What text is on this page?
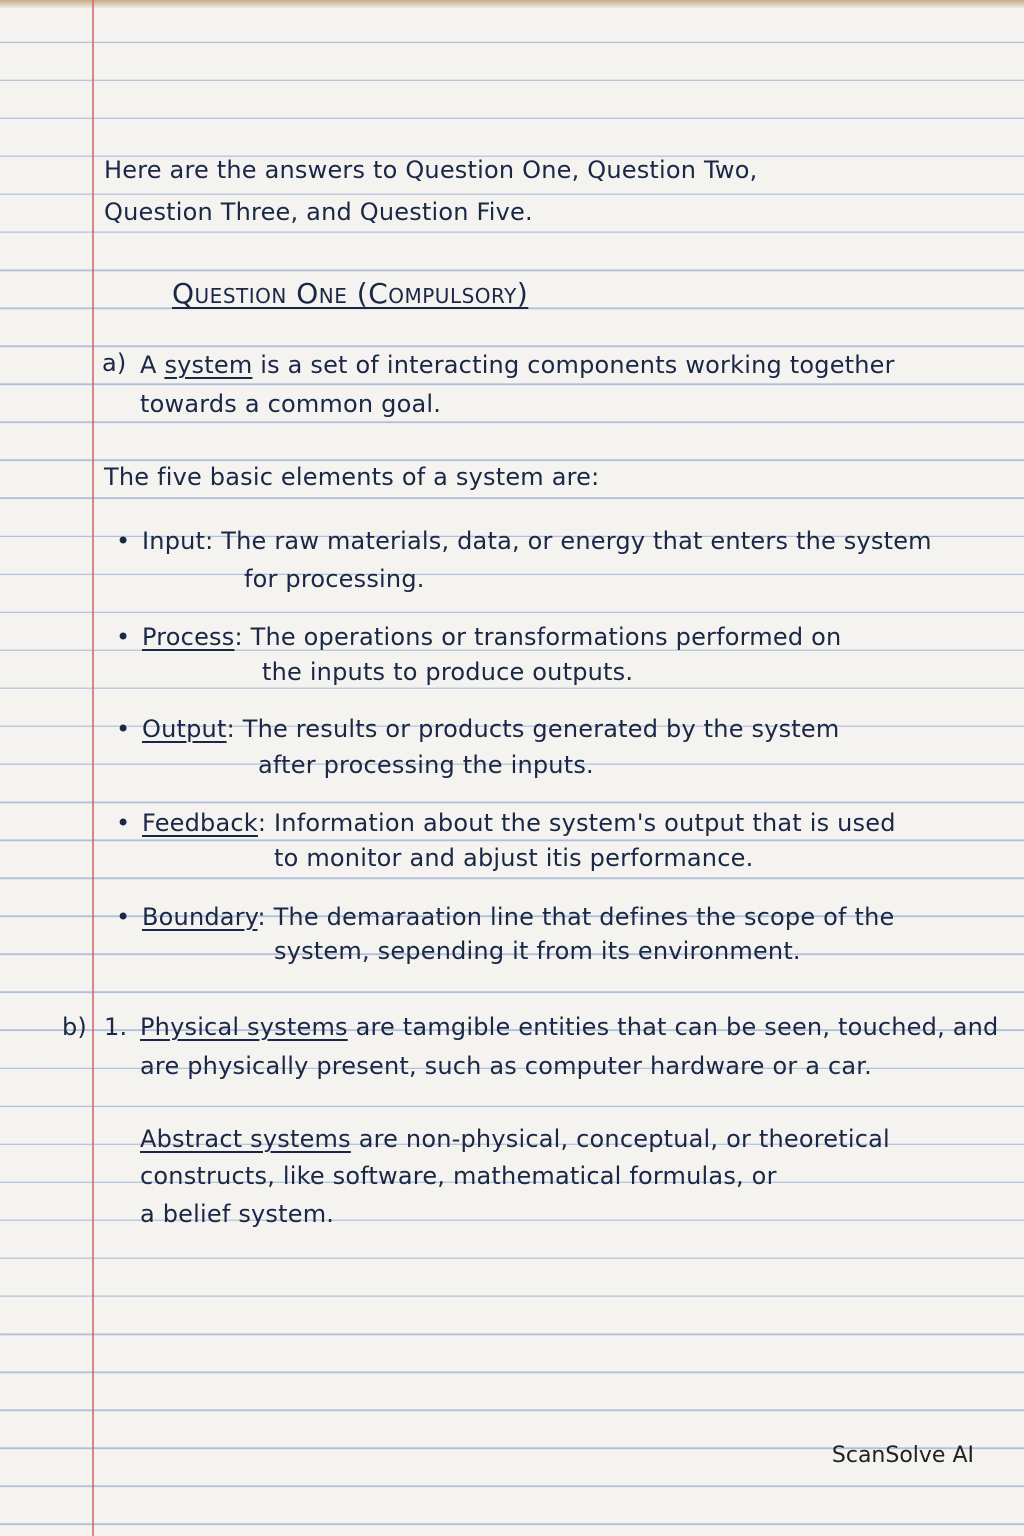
Here are the answers to Question One, Question Two,
Question Three, and Question Five.
Question One (Compulsory)
a) A system is a set of interacting components working together
towards a common goal.
The five basic elements of a system are:
• Input: The raw materials, data, or energy that enters the system
for processing.
• Process: The operations or transformations performed on
the inputs to produce outputs.
• Output: The results or products generated by the system
after processing the inputs.
• Feedback: Information about the system's output that is used
to monitor and abjust itis performance.
• Boundary: The demaraation line that defines the scope of the
system, sepending it from its environment.
b) 1. Physical systems are tamgible entities that can be seen, touched, and
are physically present, such as computer hardware or a car.
Abstract systems are non-physical, conceptual, or theoretical
constructs, like software, mathematical formulas, or
a belief system.
ScanSolve AI
